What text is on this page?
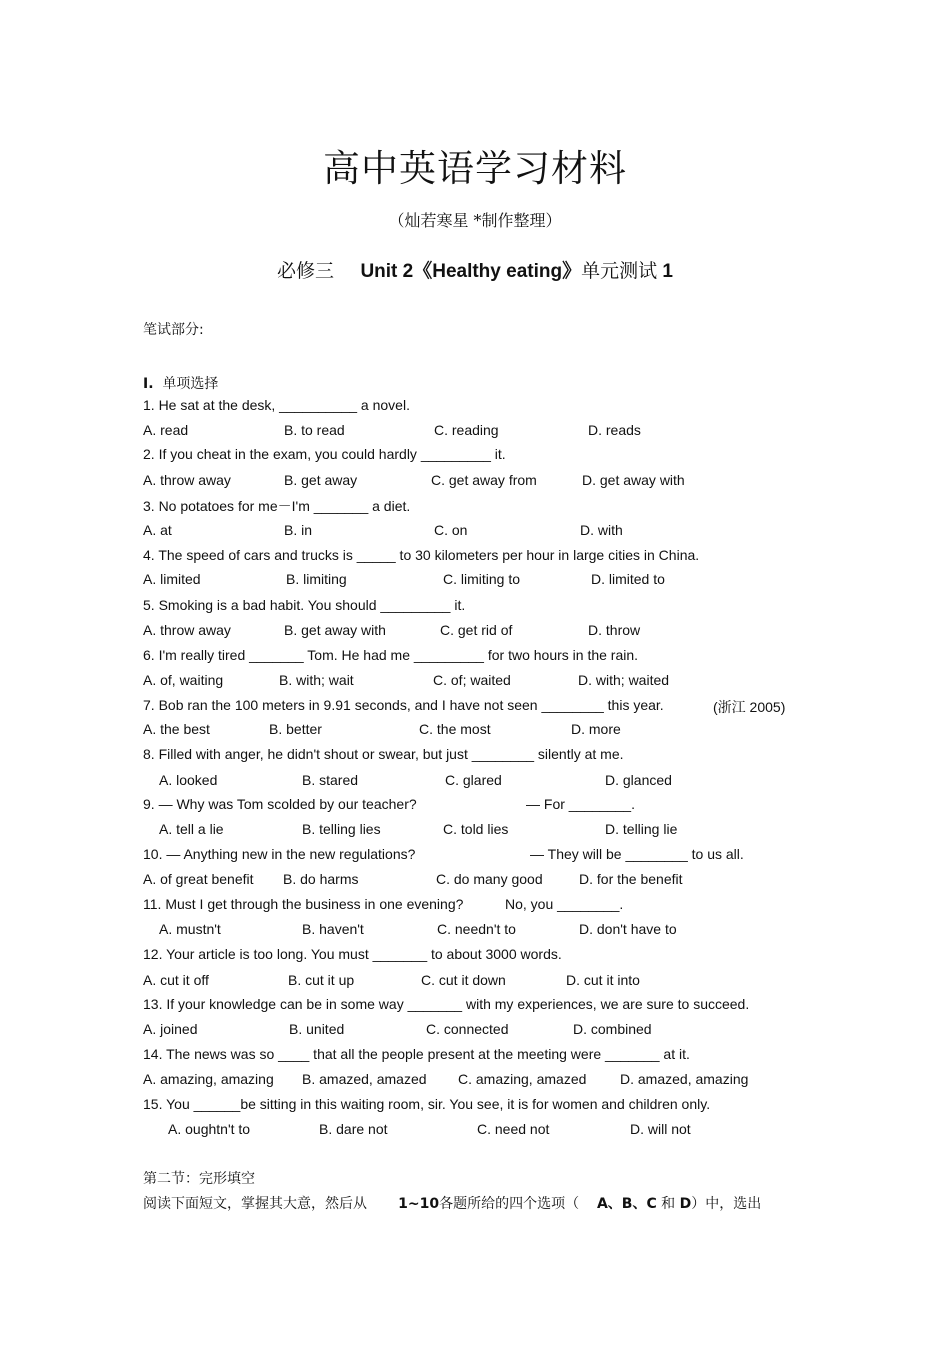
高中英语学习材料
（灿若寒星 *制作整理）
必修三 Unit 2《Healthy eating》单元测试 1
笔试部分:
I. 单项选择
1. He sat at the desk, __________ a novel.
A. read	B. to read	C. reading	D. reads
2. If you cheat in the exam, you could hardly _________ it.
A. throw away	B. get away	C. get away from	D. get away with
3. No potatoes for me－I'm _______ a diet.
A. at	B. in	C. on	D. with
4. The speed of cars and trucks is _____ to 30 kilometers per hour in large cities in China.
A. limited	B. limiting	C. limiting to	D. limited to
5. Smoking is a bad habit. You should _________ it.
A. throw away	B. get away with	C. get rid of	D. throw
6. I'm really tired _______ Tom. He had me _________ for two hours in the rain.
A. of, waiting	B. with; wait	C. of; waited	D. with; waited
7. Bob ran the 100 meters in 9.91 seconds, and I have not seen ________ this year.	(浙江 2005)
A. the best	B. better	C. the most	D. more
8. Filled with anger, he didn't shout or swear, but just ________ silently at me.
A. looked	B. stared	C. glared	D. glanced
9. — Why was Tom scolded by our teacher?	— For ________.
A. tell a lie	B. telling lies	C. told lies	D. telling lie
10. — Anything new in the new regulations?	— They will be ________ to us all.
A. of great benefit B. do harms	C. do many good	D. for the benefit
11. Must I get through the business in one evening?	No, you ________.
A. mustn't	B. haven't	C. needn't to	D. don't have to
12. Your article is too long. You must _______ to about 3000 words.
A. cut it off	B. cut it up	C. cut it down	D. cut it into
13. If your knowledge can be in some way _______ with my experiences, we are sure to succeed.
A. joined	B. united	C. connected	D. combined
14. The news was so ____ that all the people present at the meeting were _______ at it.
A. amazing, amazing B. amazed, amazed C. amazing, amazed D. amazed, amazing
15. You ______be sitting in this waiting room, sir. You see, it is for women and children only.
A. oughtn't to	B. dare not	C. need not	D. will not
第二节：完形填空
阅读下面短文，掌握其大意，然后从 1~10各题所给的四个选项（ A、B、C 和 D）中，选出
